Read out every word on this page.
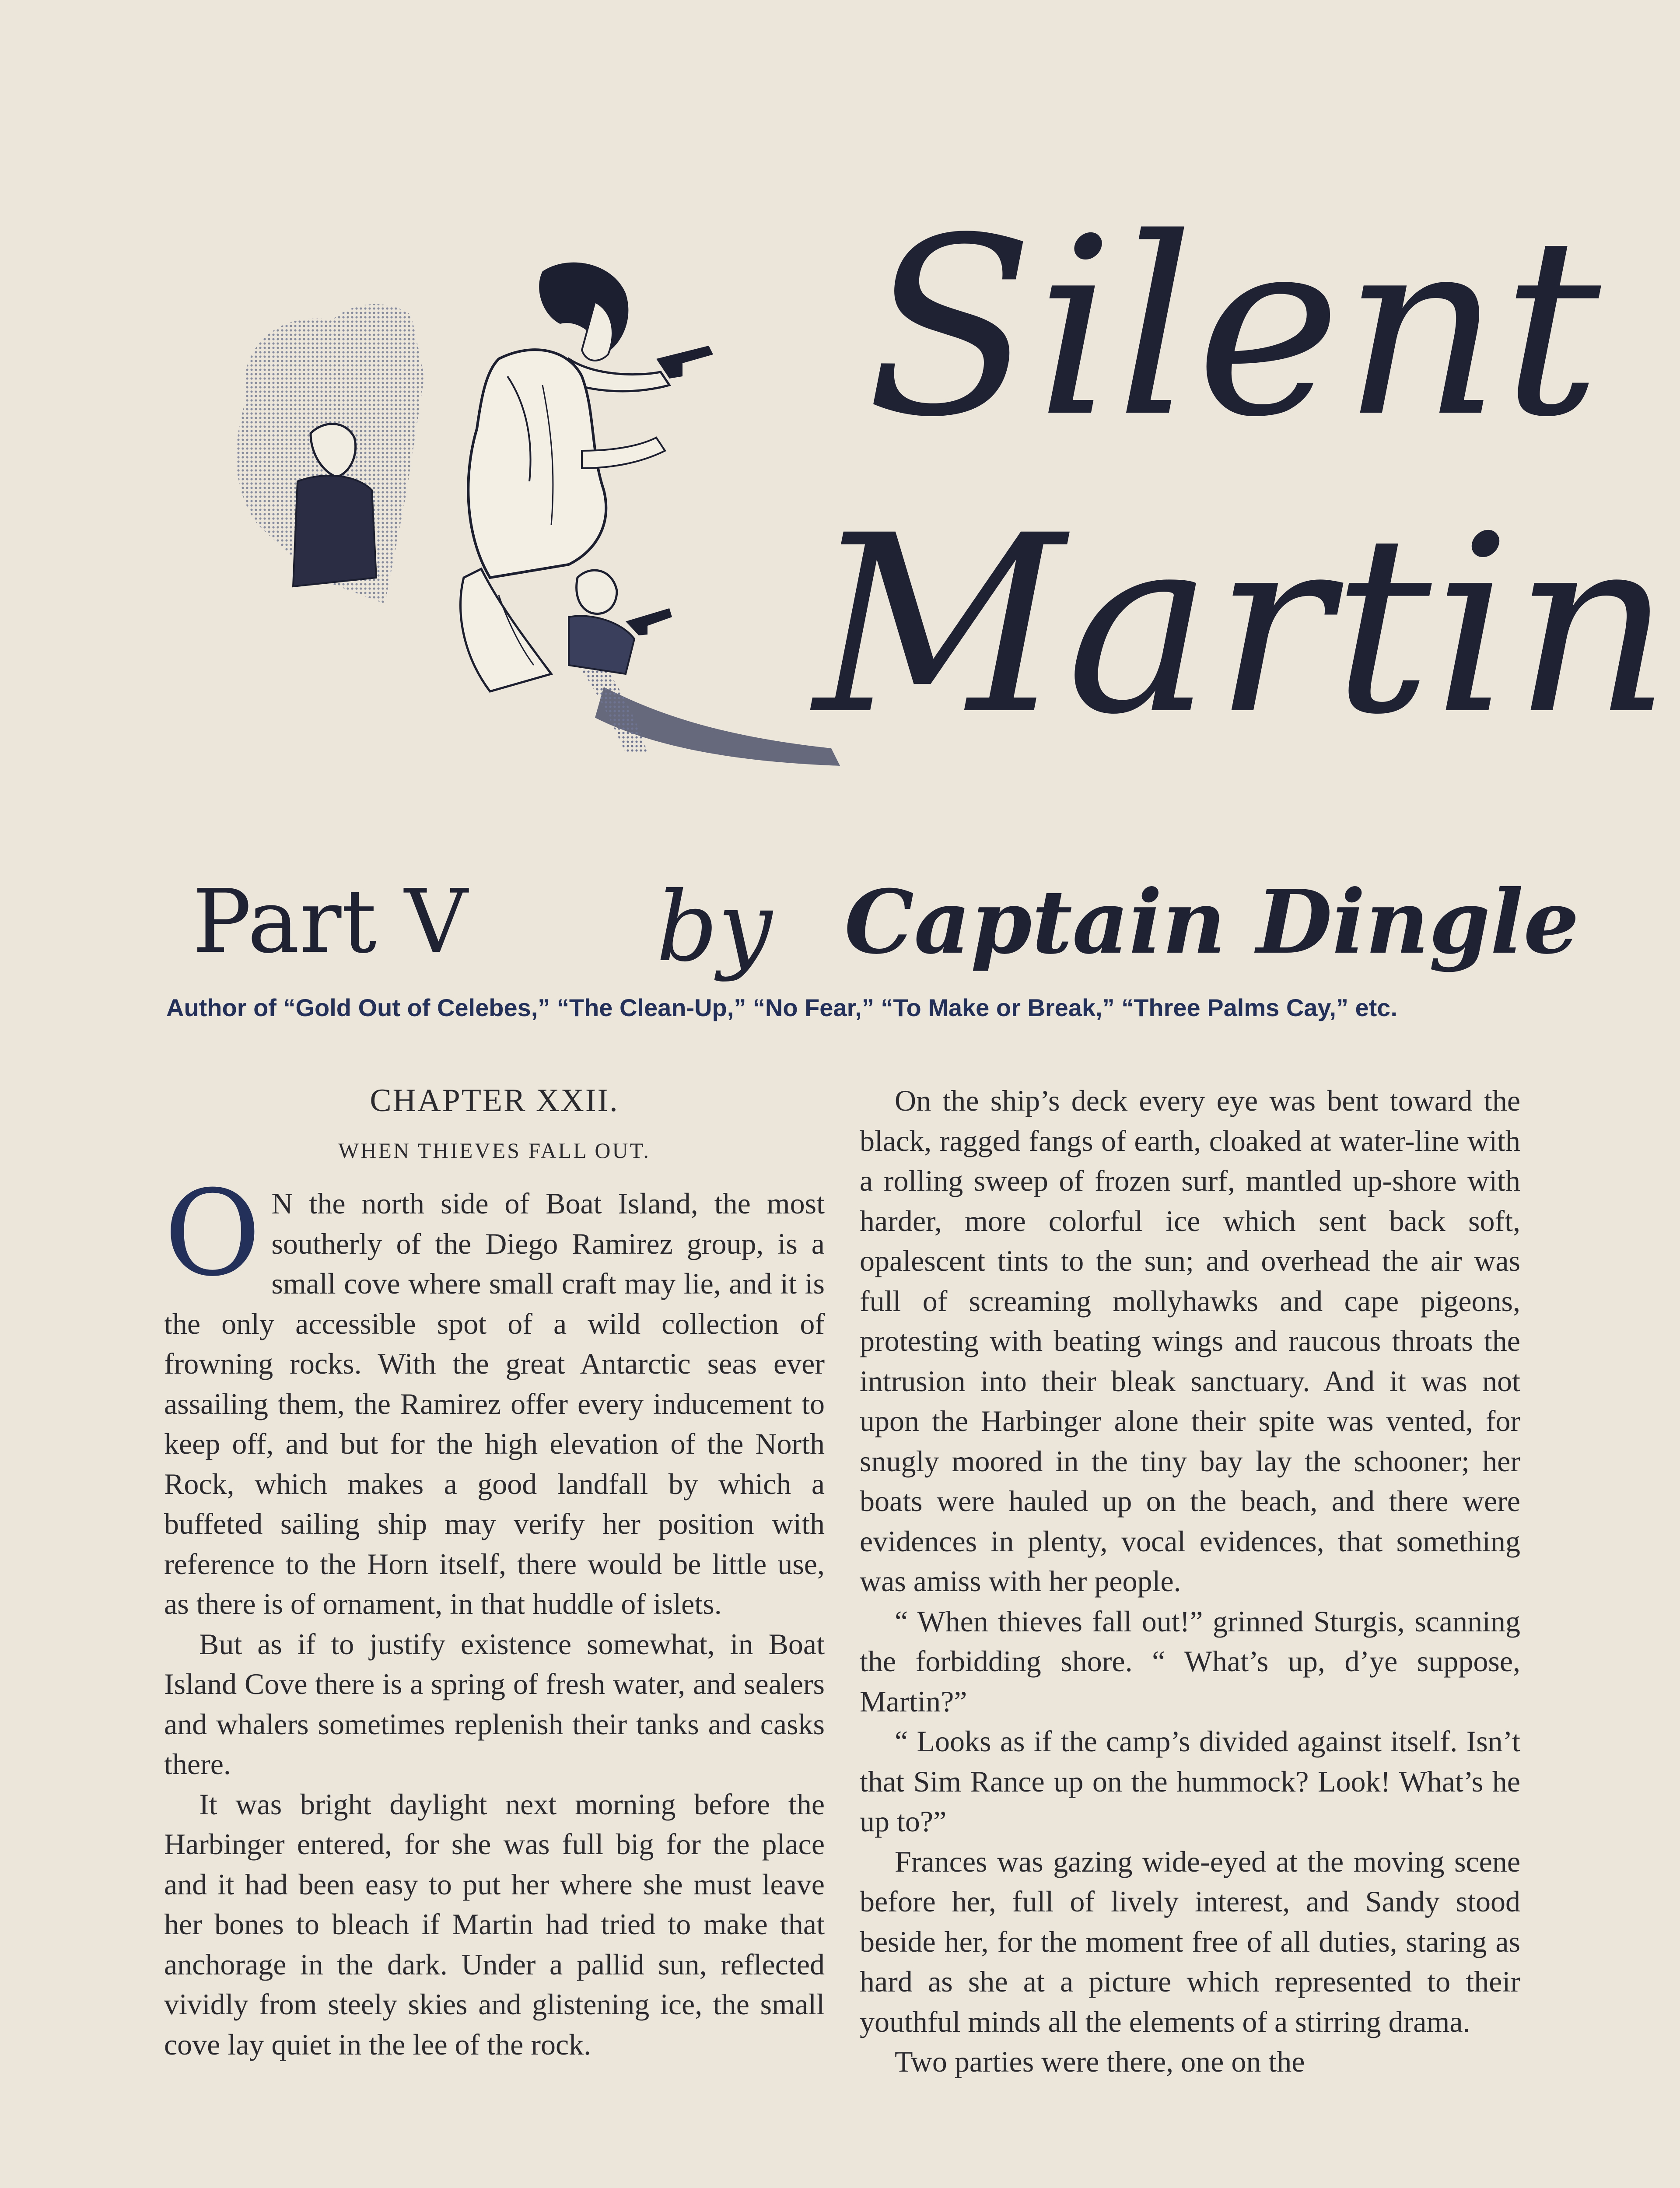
Silent
Martin
Part V by Captain Dingle
Author of “Gold Out of Celebes,” “The Clean-Up,” “No Fear,” “To Make or Break,” “Three Palms Cay,” etc.
CHAPTER XXII.
WHEN THIEVES FALL OUT.

O N the north side of Boat Island, the most southerly of the Diego Ramirez group, is a small cove where small craft may lie, and it is the only accessible spot of a wild collection of frowning rocks. With the great Antarctic seas ever assailing them, the Ramirez offer every inducement to keep off, and but for the high elevation of the North Rock, which makes a good landfall by which a buffeted sailing ship may verify her position with reference to the Horn itself, there would be little use, as there is of ornament, in that huddle of islets.

But as if to justify existence somewhat, in Boat Island Cove there is a spring of fresh water, and sealers and whalers sometimes replenish their tanks and casks there.

It was bright daylight next morning before the Harbinger entered, for she was full big for the place and it had been easy to put her where she must leave her bones to bleach if Martin had tried to make that anchorage in the dark. Under a pallid sun, reflected vividly from steely skies and glistening ice, the small cove lay quiet in the lee of the rock.

On the ship’s deck every eye was bent toward the black, ragged fangs of earth, cloaked at water-line with a rolling sweep of frozen surf, mantled up-shore with harder, more colorful ice which sent back soft, opalescent tints to the sun; and overhead the air was full of screaming mollyhawks and cape pigeons, protesting with beating wings and raucous throats the intrusion into their bleak sanctuary. And it was not upon the Harbinger alone their spite was vented, for snugly moored in the tiny bay lay the schooner; her boats were hauled up on the beach, and there were evidences in plenty, vocal evidences, that something was amiss with her people.

“ When thieves fall out!” grinned Sturgis, scanning the forbidding shore. “ What’s up, d’ye suppose, Martin?”

“ Looks as if the camp’s divided against itself. Isn’t that Sim Rance up on the hummock? Look! What’s he up to?”

Frances was gazing wide-eyed at the moving scene before her, full of lively interest, and Sandy stood beside her, for the moment free of all duties, staring as hard as she at a picture which represented to their youthful minds all the elements of a stirring drama.

Two parties were there, one on the
